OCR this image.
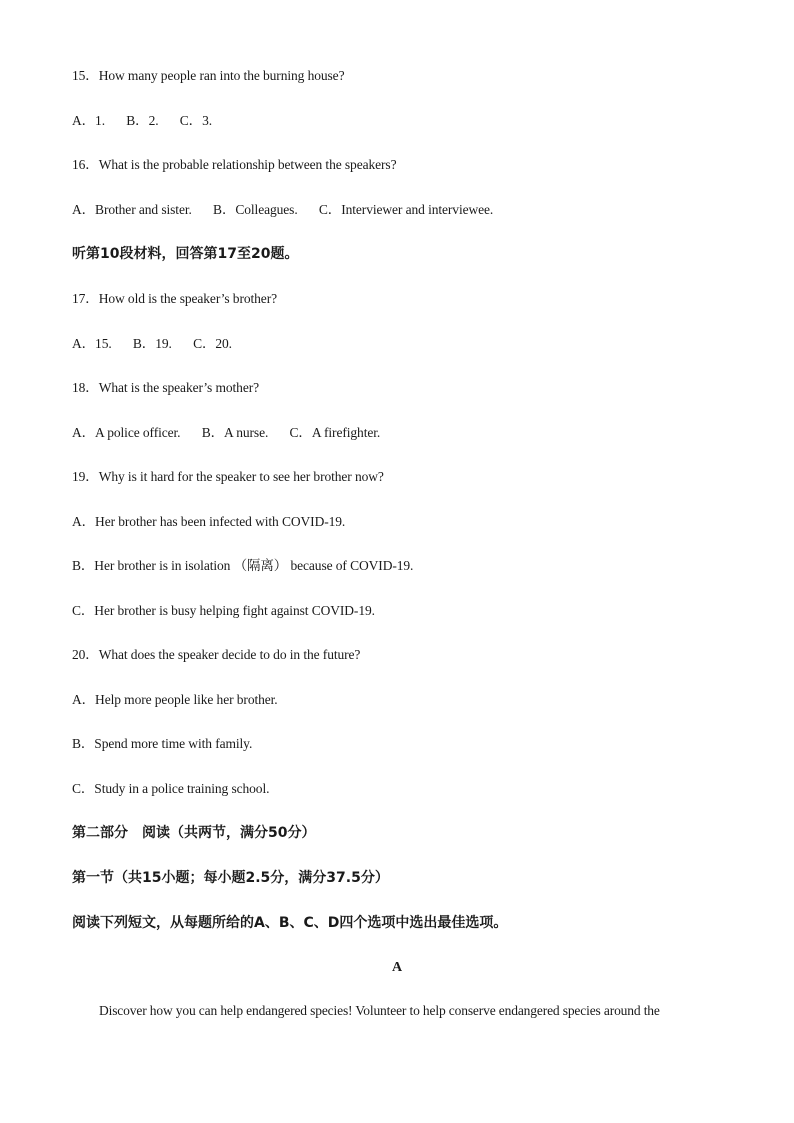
15．How many people ran into the burning house?
A．1. B．2. C．3.
16．What is the probable relationship between the speakers?
A．Brother and sister. B．Colleagues. C．Interviewer and interviewee.
听第10段材料，回答第17至20题。
17．How old is the speaker’s brother?
A．15. B．19. C．20.
18．What is the speaker’s mother?
A．A police officer. B．A nurse. C．A firefighter.
19．Why is it hard for the speaker to see her brother now?
A．Her brother has been infected with COVID-19.
B．Her brother is in isolation （隔离） because of COVID-19.
C．Her brother is busy helping fight against COVID-19.
20．What does the speaker decide to do in the future?
A．Help more people like her brother.
B．Spend more time with family.
C．Study in a police training school.
第二部分　阅读（共两节，满分50分）
第一节（共15小题；每小题2.5分，满分37.5分）
阅读下列短文，从每题所给的A、B、C、D四个选项中选出最佳选项。
A
Discover how you can help endangered species! Volunteer to help conserve endangered species around the
